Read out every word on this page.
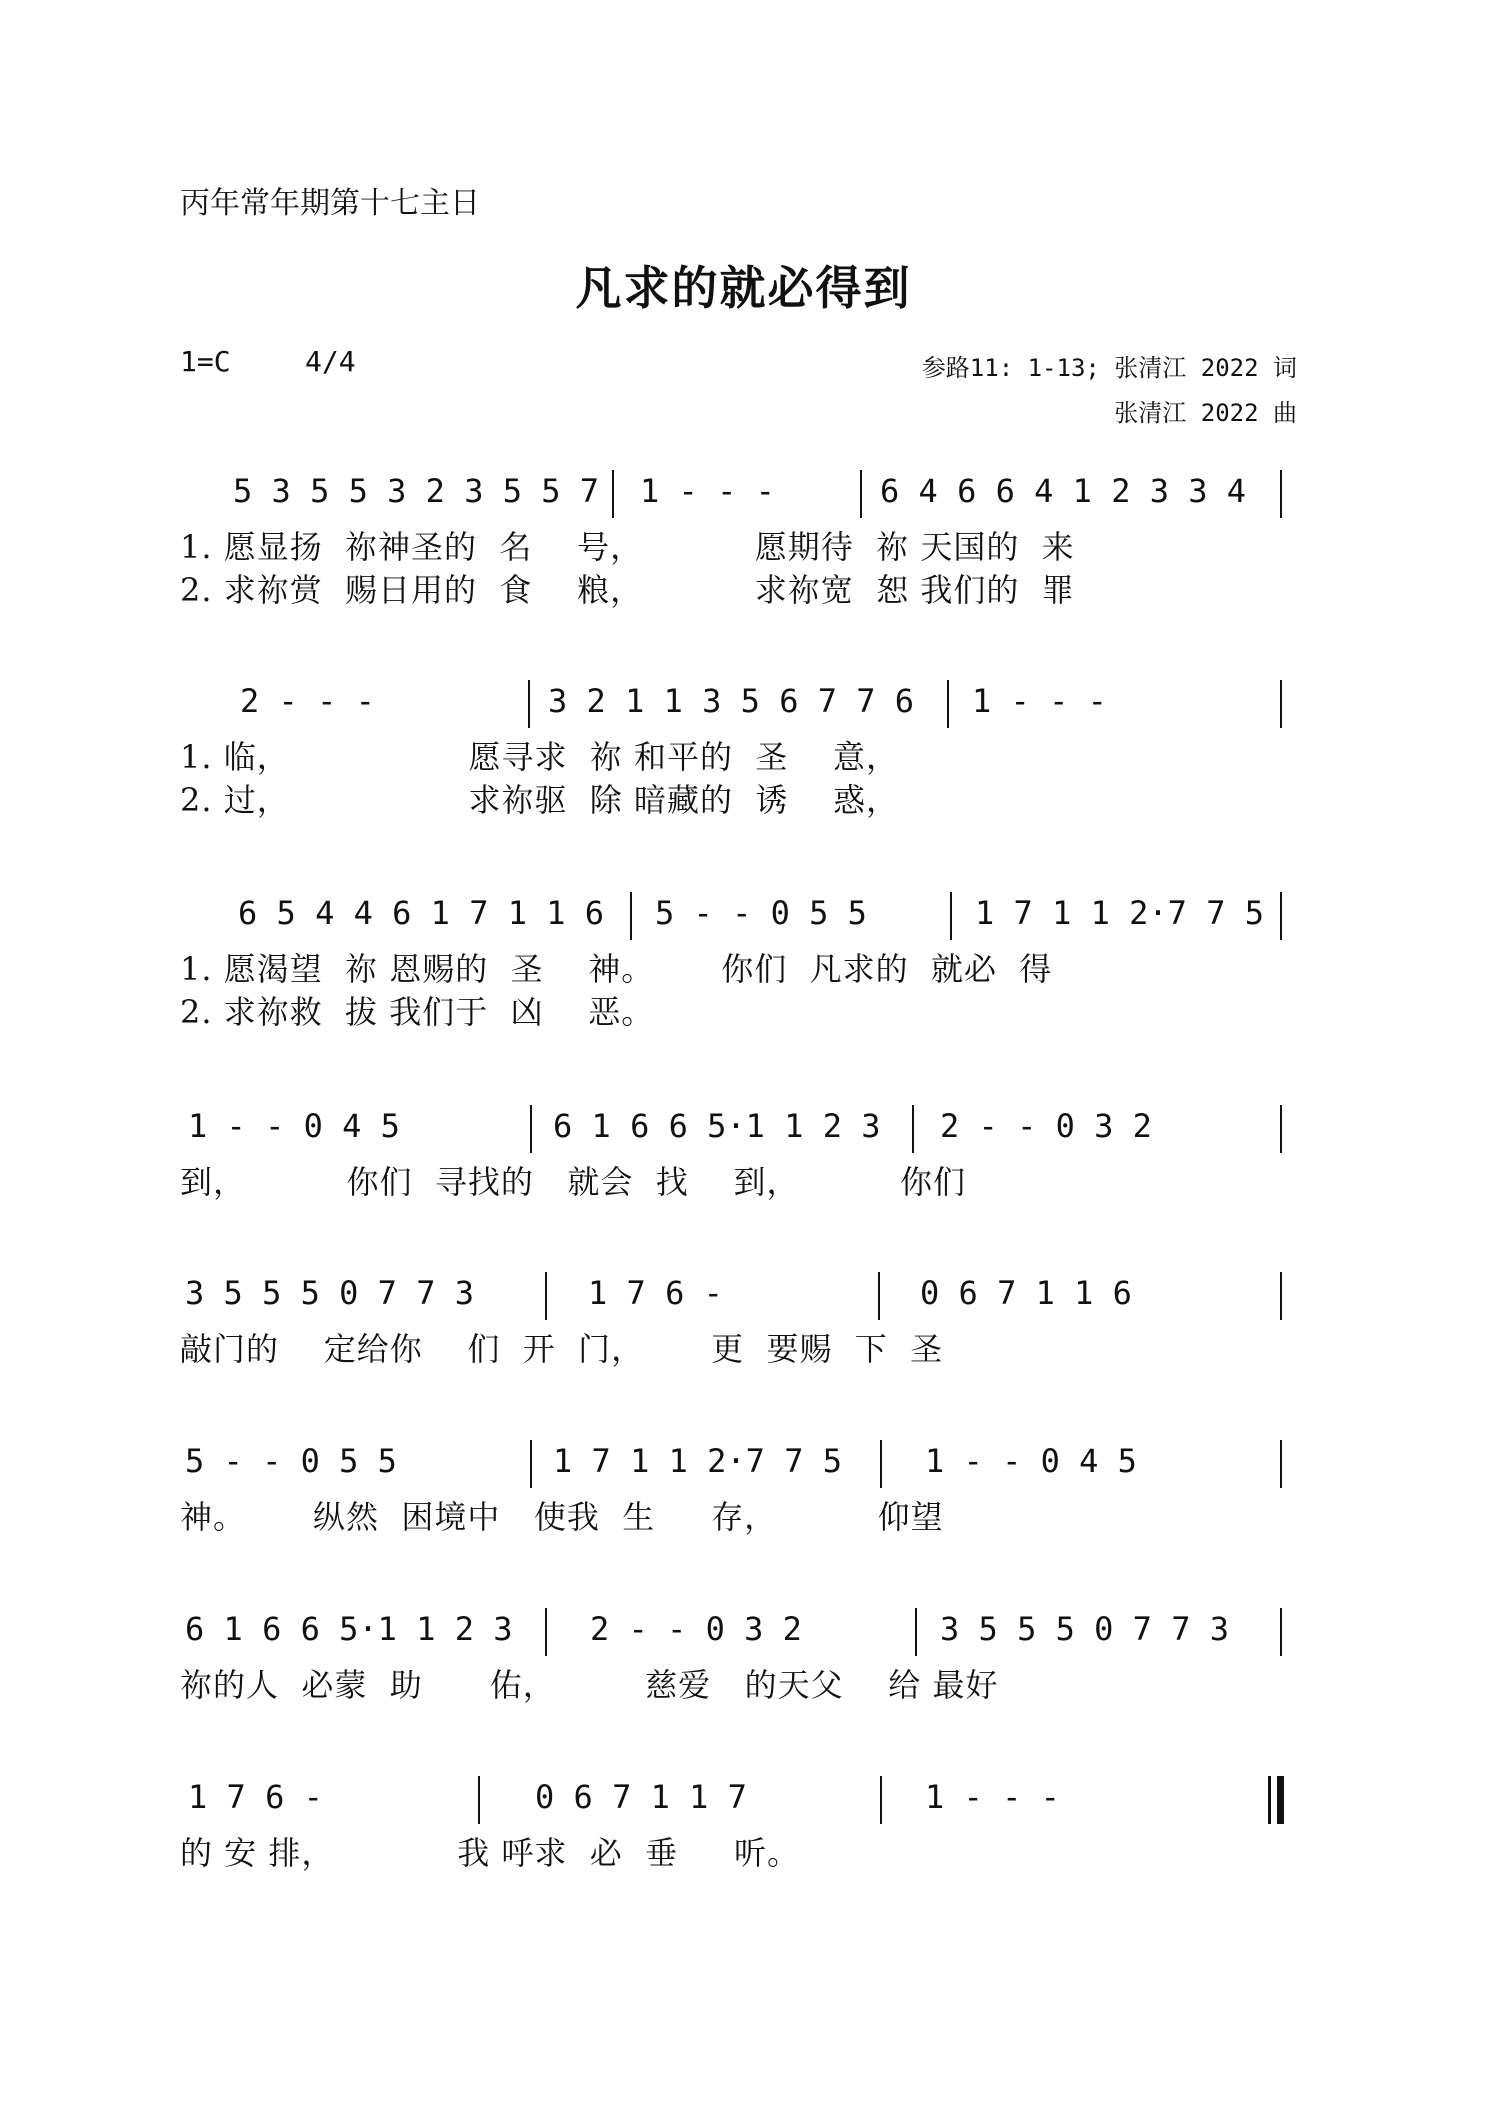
丙年常年期第十七主日
凡求的就必得到
1=C	4/4	参路11: 1-13; 张清江 2022 词
张清江 2022 曲
5 3 5 5 3 2 3 5 5 7 1 - - -	6 4 6 6 4 1 2 3 3 4
1. 愿显扬  祢神圣的  名    号，          愿期待  祢 天国的  来
2. 求祢赏  赐日用的  食    粮，          求祢宽  恕 我们的  罪
2 - - -	3 2 1 1 3 5 6 7 7 6 1 - - -
1. 临，                愿寻求  祢 和平的  圣    意，
2. 过，                求祢驱  除 暗藏的  诱    惑，
6 5 4 4 6 1 7 1 1 6 5 - - 0 5 5	1 7 1 1 2·7 7 5
1. 愿渴望  祢 恩赐的  圣    神。      你们  凡求的  就必  得
2. 求祢救  拔 我们于  凶    恶。
1 - - 0 4 5	6 1 6 6 5·1 1 2 3 2 - - 0 3 2
到，         你们  寻找的   就会  找    到，         你们
3 5 5 5 0 7 7 3	1 7 6 -	0 6 7 1 1 6
敲门的    定给你    们  开  门，      更  要赐  下  圣
5 - - 0 5 5	1 7 1 1 2·7 7 5	1 - - 0 4 5
神。      纵然  困境中   使我  生     存，         仰望
6 1 6 6 5·1 1 2 3 2 - - 0 3 2	3 5 5 5 0 7 7 3
祢的人  必蒙  助      佑，        慈爱   的天父    给 最好
1 7 6 -	0 6 7 1 1 7	1 - - -
的 安 排，           我 呼求  必  垂     听。
